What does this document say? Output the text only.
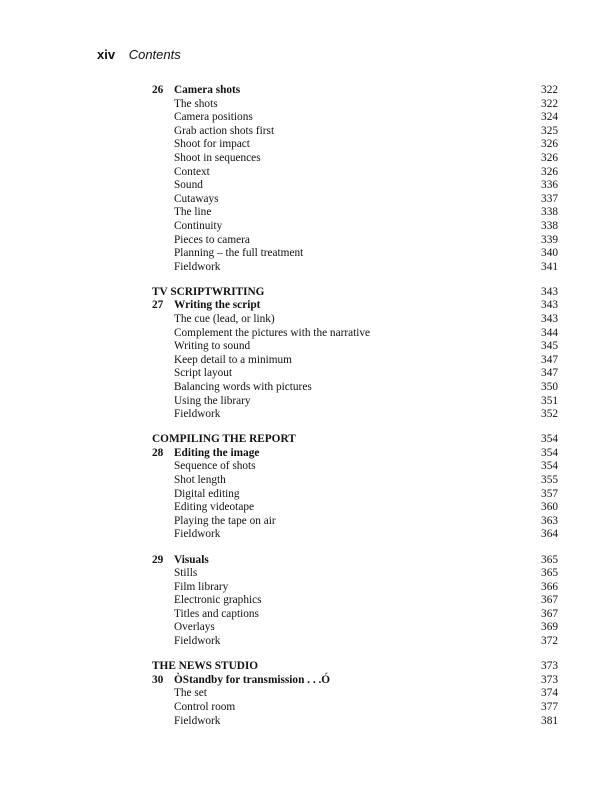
xiv Contents
26 Camera shots	322
The shots	322
Camera positions	324
Grab action shots first	325
Shoot for impact	326
Shoot in sequences	326
Context	326
Sound	336
Cutaways	337
The line	338
Continuity	338
Pieces to camera	339
Planning – the full treatment	340
Fieldwork	341
TV SCRIPTWRITING	343
27 Writing the script	343
The cue (lead, or link)	343
Complement the pictures with the narrative	344
Writing to sound	345
Keep detail to a minimum	347
Script layout	347
Balancing words with pictures	350
Using the library	351
Fieldwork	352
COMPILING THE REPORT	354
28 Editing the image	354
Sequence of shots	354
Shot length	355
Digital editing	357
Editing videotape	360
Playing the tape on air	363
Fieldwork	364
29 Visuals	365
Stills	365
Film library	366
Electronic graphics	367
Titles and captions	367
Overlays	369
Fieldwork	372
THE NEWS STUDIO	373
30 ÒStandby for transmission . . .Ó	373
The set	374
Control room	377
Fieldwork	381
